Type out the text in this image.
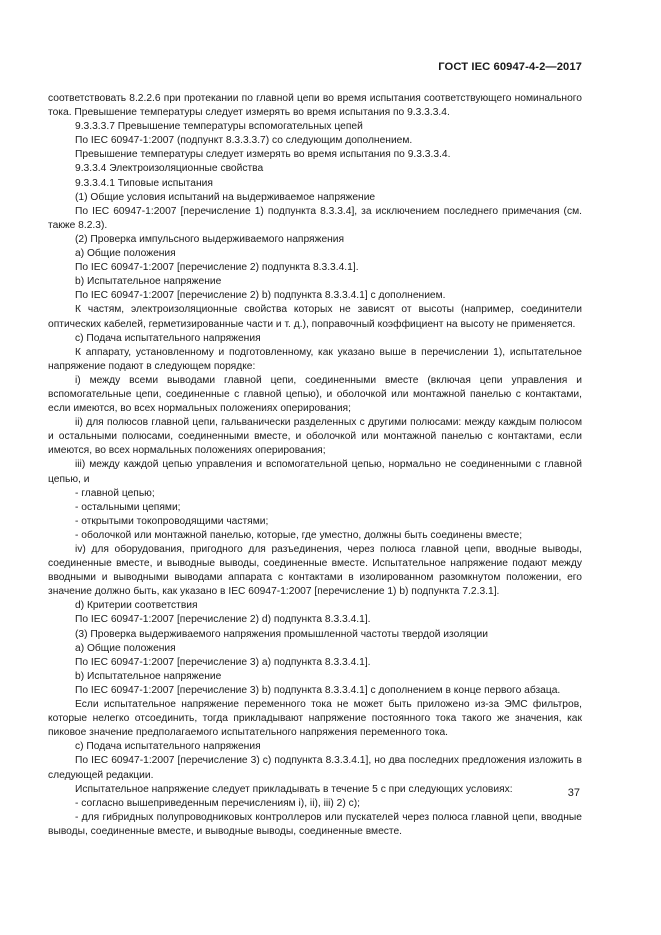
ГОСТ IEC 60947-4-2—2017

соответствовать 8.2.2.6 при протекании по главной цепи во время испытания соответствующего номинального тока. Превышение температуры следует измерять во время испытания по 9.3.3.3.4.

9.3.3.3.7 Превышение температуры вспомогательных цепей

По IEC 60947-1:2007 (подпункт 8.3.3.3.7) со следующим дополнением.

Превышение температуры следует измерять во время испытания по 9.3.3.3.4.

9.3.3.4 Электроизоляционные свойства

9.3.3.4.1 Типовые испытания

(1) Общие условия испытаний на выдерживаемое напряжение

По IEC 60947-1:2007 [перечисление 1) подпункта 8.3.3.4], за исключением последнего примечания (см. также 8.2.3).

(2) Проверка импульсного выдерживаемого напряжения

a) Общие положения

По IEC 60947-1:2007 [перечисление 2) подпункта 8.3.3.4.1].

b) Испытательное напряжение

По IEC 60947-1:2007 [перечисление 2) b) подпункта 8.3.3.4.1] с дополнением.

К частям, электроизоляционные свойства которых не зависят от высоты (например, соединители оптических кабелей, герметизированные части и т. д.), поправочный коэффициент на высоту не применяется.

c) Подача испытательного напряжения

К аппарату, установленному и подготовленному, как указано выше в перечислении 1), испытательное напряжение подают в следующем порядке:

i) между всеми выводами главной цепи, соединенными вместе (включая цепи управления и вспомогательные цепи, соединенные с главной цепью), и оболочкой или монтажной панелью с контактами, если имеются, во всех нормальных положениях оперирования;

ii) для полюсов главной цепи, гальванически разделенных с другими полюсами: между каждым полюсом и остальными полюсами, соединенными вместе, и оболочкой или монтажной панелью с контактами, если имеются, во всех нормальных положениях оперирования;

iii) между каждой цепью управления и вспомогательной цепью, нормально не соединенными с главной цепью, и

- главной цепью;

- остальными цепями;

- открытыми токопроводящими частями;

- оболочкой или монтажной панелью, которые, где уместно, должны быть соединены вместе;

iv) для оборудования, пригодного для разъединения, через полюса главной цепи, вводные выводы, соединенные вместе, и выводные выводы, соединенные вместе. Испытательное напряжение подают между вводными и выводными выводами аппарата с контактами в изолированном разомкнутом положении, его значение должно быть, как указано в IEC 60947-1:2007 [перечисление 1) b) подпункта 7.2.3.1].

d) Критерии соответствия

По IEC 60947-1:2007 [перечисление 2) d) подпункта 8.3.3.4.1].

(3) Проверка выдерживаемого напряжения промышленной частоты твердой изоляции

a) Общие положения

По IEC 60947-1:2007 [перечисление 3) a) подпункта 8.3.3.4.1].

b) Испытательное напряжение

По IEC 60947-1:2007 [перечисление 3) b) подпункта 8.3.3.4.1] с дополнением в конце первого абзаца.

Если испытательное напряжение переменного тока не может быть приложено из-за ЭМС фильтров, которые нелегко отсоединить, тогда прикладывают напряжение постоянного тока такого же значения, как пиковое значение предполагаемого испытательного напряжения переменного тока.

c) Подача испытательного напряжения

По IEC 60947-1:2007 [перечисление 3) c) подпункта 8.3.3.4.1], но два последних предложения изложить в следующей редакции.

Испытательное напряжение следует прикладывать в течение 5 с при следующих условиях:

- согласно вышеприведенным перечислениям i), ii), iii) 2) c);

- для гибридных полупроводниковых контроллеров или пускателей через полюса главной цепи, вводные выводы, соединенные вместе, и выводные выводы, соединенные вместе.

37
